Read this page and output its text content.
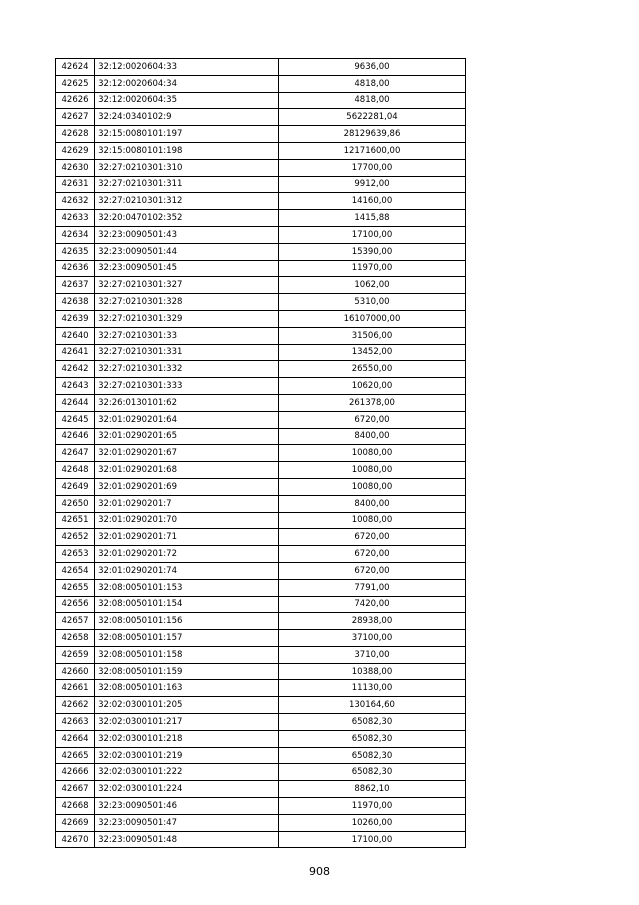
42624	32:12:0020604:33	9636,00
42625	32:12:0020604:34	4818,00
42626	32:12:0020604:35	4818,00
42627	32:24:0340102:9	5622281,04
42628	32:15:0080101:197	28129639,86
42629	32:15:0080101:198	12171600,00
42630	32:27:0210301:310	17700,00
42631	32:27:0210301:311	9912,00
42632	32:27:0210301:312	14160,00
42633	32:20:0470102:352	1415,88
42634	32:23:0090501:43	17100,00
42635	32:23:0090501:44	15390,00
42636	32:23:0090501:45	11970,00
42637	32:27:0210301:327	1062,00
42638	32:27:0210301:328	5310,00
42639	32:27:0210301:329	16107000,00
42640	32:27:0210301:33	31506,00
42641	32:27:0210301:331	13452,00
42642	32:27:0210301:332	26550,00
42643	32:27:0210301:333	10620,00
42644	32:26:0130101:62	261378,00
42645	32:01:0290201:64	6720,00
42646	32:01:0290201:65	8400,00
42647	32:01:0290201:67	10080,00
42648	32:01:0290201:68	10080,00
42649	32:01:0290201:69	10080,00
42650	32:01:0290201:7	8400,00
42651	32:01:0290201:70	10080,00
42652	32:01:0290201:71	6720,00
42653	32:01:0290201:72	6720,00
42654	32:01:0290201:74	6720,00
42655	32:08:0050101:153	7791,00
42656	32:08:0050101:154	7420,00
42657	32:08:0050101:156	28938,00
42658	32:08:0050101:157	37100,00
42659	32:08:0050101:158	3710,00
42660	32:08:0050101:159	10388,00
42661	32:08:0050101:163	11130,00
42662	32:02:0300101:205	130164,60
42663	32:02:0300101:217	65082,30
42664	32:02:0300101:218	65082,30
42665	32:02:0300101:219	65082,30
42666	32:02:0300101:222	65082,30
42667	32:02:0300101:224	8862,10
42668	32:23:0090501:46	11970,00
42669	32:23:0090501:47	10260,00
42670	32:23:0090501:48	17100,00
908
